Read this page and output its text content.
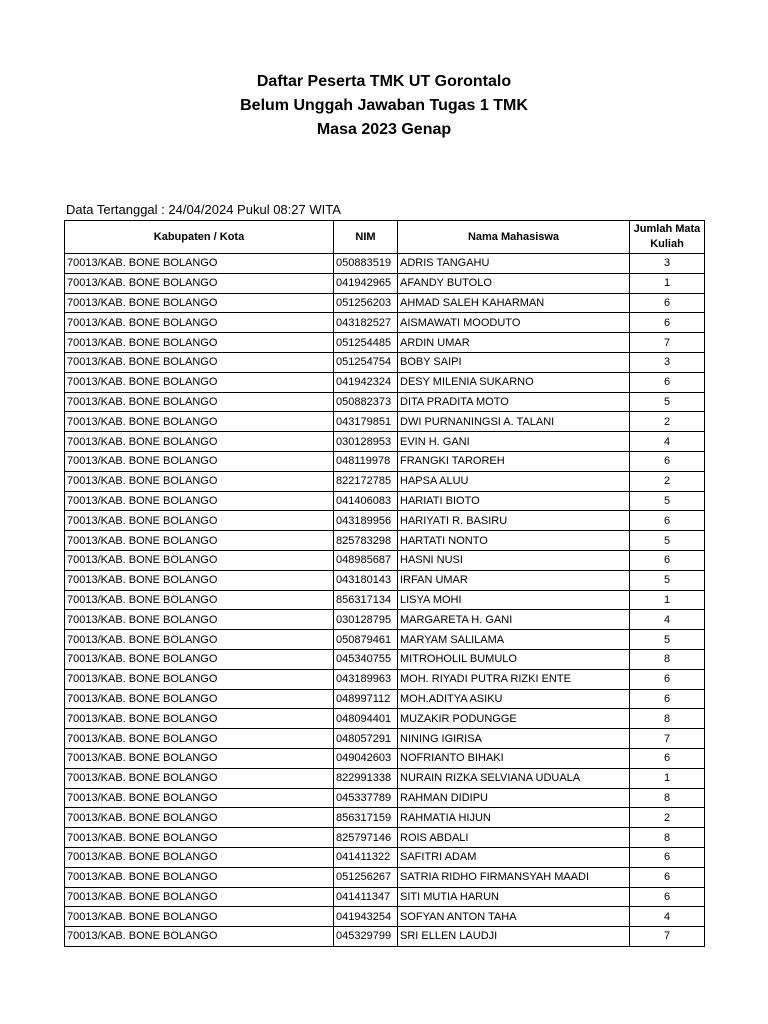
Daftar Peserta TMK UT Gorontalo
Belum Unggah Jawaban Tugas 1 TMK
Masa 2023 Genap
Data Tertanggal : 24/04/2024 Pukul 08:27 WITA
Kabupaten / Kota	NIM	Nama Mahasiswa	Jumlah Mata Kuliah
70013/KAB. BONE BOLANGO	050883519	ADRIS TANGAHU	3
70013/KAB. BONE BOLANGO	041942965	AFANDY BUTOLO	1
70013/KAB. BONE BOLANGO	051256203	AHMAD SALEH KAHARMAN	6
70013/KAB. BONE BOLANGO	043182527	AISMAWATI MOODUTO	6
70013/KAB. BONE BOLANGO	051254485	ARDIN UMAR	7
70013/KAB. BONE BOLANGO	051254754	BOBY SAIPI	3
70013/KAB. BONE BOLANGO	041942324	DESY MILENIA SUKARNO	6
70013/KAB. BONE BOLANGO	050882373	DITA PRADITA MOTO	5
70013/KAB. BONE BOLANGO	043179851	DWI PURNANINGSI A. TALANI	2
70013/KAB. BONE BOLANGO	030128953	EVIN H. GANI	4
70013/KAB. BONE BOLANGO	048119978	FRANGKI TAROREH	6
70013/KAB. BONE BOLANGO	822172785	HAPSA ALUU	2
70013/KAB. BONE BOLANGO	041406083	HARIATI BIOTO	5
70013/KAB. BONE BOLANGO	043189956	HARIYATI R. BASIRU	6
70013/KAB. BONE BOLANGO	825783298	HARTATI NONTO	5
70013/KAB. BONE BOLANGO	048985687	HASNI NUSI	6
70013/KAB. BONE BOLANGO	043180143	IRFAN UMAR	5
70013/KAB. BONE BOLANGO	856317134	LISYA MOHI	1
70013/KAB. BONE BOLANGO	030128795	MARGARETA H. GANI	4
70013/KAB. BONE BOLANGO	050879461	MARYAM SALILAMA	5
70013/KAB. BONE BOLANGO	045340755	MITROHOLIL BUMULO	8
70013/KAB. BONE BOLANGO	043189963	MOH. RIYADI PUTRA RIZKI ENTE	6
70013/KAB. BONE BOLANGO	048997112	MOH.ADITYA ASIKU	6
70013/KAB. BONE BOLANGO	048094401	MUZAKIR PODUNGGE	8
70013/KAB. BONE BOLANGO	048057291	NINING IGIRISA	7
70013/KAB. BONE BOLANGO	049042603	NOFRIANTO BIHAKI	6
70013/KAB. BONE BOLANGO	822991338	NURAIN RIZKA SELVIANA UDUALA	1
70013/KAB. BONE BOLANGO	045337789	RAHMAN DIDIPU	8
70013/KAB. BONE BOLANGO	856317159	RAHMATIA HIJUN	2
70013/KAB. BONE BOLANGO	825797146	ROIS ABDALI	8
70013/KAB. BONE BOLANGO	041411322	SAFITRI ADAM	6
70013/KAB. BONE BOLANGO	051256267	SATRIA RIDHO FIRMANSYAH MAADI	6
70013/KAB. BONE BOLANGO	041411347	SITI MUTIA HARUN	6
70013/KAB. BONE BOLANGO	041943254	SOFYAN ANTON TAHA	4
70013/KAB. BONE BOLANGO	045329799	SRI ELLEN LAUDJI	7
